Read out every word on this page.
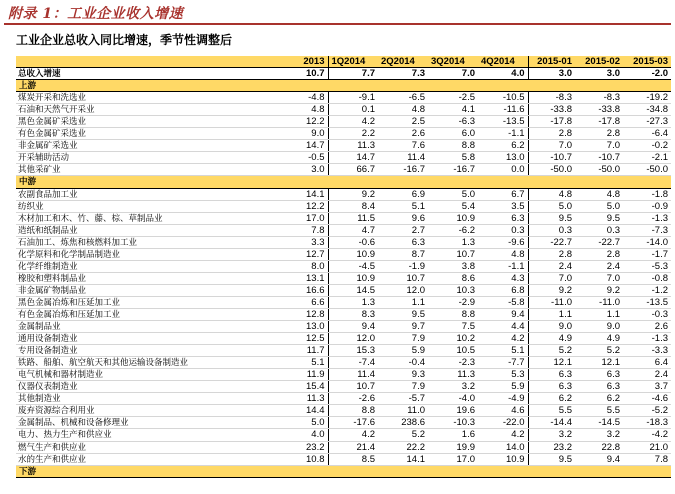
附录 1：工业企业收入增速
工业企业总收入同比增速，季节性调整后
	2013	1Q2014	2Q2014	3Q2014	4Q2014	2015-01	2015-02	2015-03
总收入增速	10.7	7.7	7.3	7.0	4.0	3.0	3.0	-2.0
上游								
煤炭开采和洗选业	-4.8	-9.1	-6.5	-2.5	-10.5	-8.3	-8.3	-19.2
石油和天然气开采业	4.8	0.1	4.8	4.1	-11.6	-33.8	-33.8	-34.8
黑色金属矿采选业	12.2	4.2	2.5	-6.3	-13.5	-17.8	-17.8	-27.3
有色金属矿采选业	9.0	2.2	2.6	6.0	-1.1	2.8	2.8	-6.4
非金属矿采选业	14.7	11.3	7.6	8.8	6.2	7.0	7.0	-0.2
开采辅助活动	-0.5	14.7	11.4	5.8	13.0	-10.7	-10.7	-2.1
其他采矿业	3.0	66.7	-16.7	-16.7	0.0	-50.0	-50.0	-50.0
中游								
农副食品加工业	14.1	9.2	6.9	5.0	6.7	4.8	4.8	-1.8
纺织业	12.2	8.4	5.1	5.4	3.5	5.0	5.0	-0.9
木材加工和木、竹、藤、棕、草制品业	17.0	11.5	9.6	10.9	6.3	9.5	9.5	-1.3
造纸和纸制品业	7.8	4.7	2.7	-6.2	0.3	0.3	0.3	-7.3
石油加工、炼焦和核燃料加工业	3.3	-0.6	6.3	1.3	-9.6	-22.7	-22.7	-14.0
化学原料和化学制品制造业	12.7	10.9	8.7	10.7	4.8	2.8	2.8	-1.7
化学纤维制造业	8.0	-4.5	-1.9	3.8	-1.1	2.4	2.4	-5.3
橡胶和塑料制品业	13.1	10.9	10.7	8.6	4.3	7.0	7.0	-0.8
非金属矿物制品业	16.6	14.5	12.0	10.3	6.8	9.2	9.2	-1.2
黑色金属冶炼和压延加工业	6.6	1.3	1.1	-2.9	-5.8	-11.0	-11.0	-13.5
有色金属冶炼和压延加工业	12.8	8.3	9.5	8.8	9.4	1.1	1.1	-0.3
金属制品业	13.0	9.4	9.7	7.5	4.4	9.0	9.0	2.6
通用设备制造业	12.5	12.0	7.9	10.2	4.2	4.9	4.9	-1.3
专用设备制造业	11.7	15.3	5.9	10.5	5.1	5.2	5.2	-3.3
铁路、船舶、航空航天和其他运输设备制造业	5.1	-7.4	-0.4	-2.3	-7.7	12.1	12.1	6.4
电气机械和器材制造业	11.9	11.4	9.3	11.3	5.3	6.3	6.3	2.4
仪器仪表制造业	15.4	10.7	7.9	3.2	5.9	6.3	6.3	3.7
其他制造业	11.3	-2.6	-5.7	-4.0	-4.9	6.2	6.2	-4.6
废弃资源综合利用业	14.4	8.8	11.0	19.6	4.6	5.5	5.5	-5.2
金属制品、机械和设备修理业	5.0	-17.6	238.6	-10.3	-22.0	-14.4	-14.5	-18.3
电力、热力生产和供应业	4.0	4.2	5.2	1.6	4.2	3.2	3.2	-4.2
燃气生产和供应业	23.2	21.4	22.2	19.9	14.0	23.2	22.8	21.0
水的生产和供应业	10.8	8.5	14.1	17.0	10.9	9.5	9.4	7.8
下游								
